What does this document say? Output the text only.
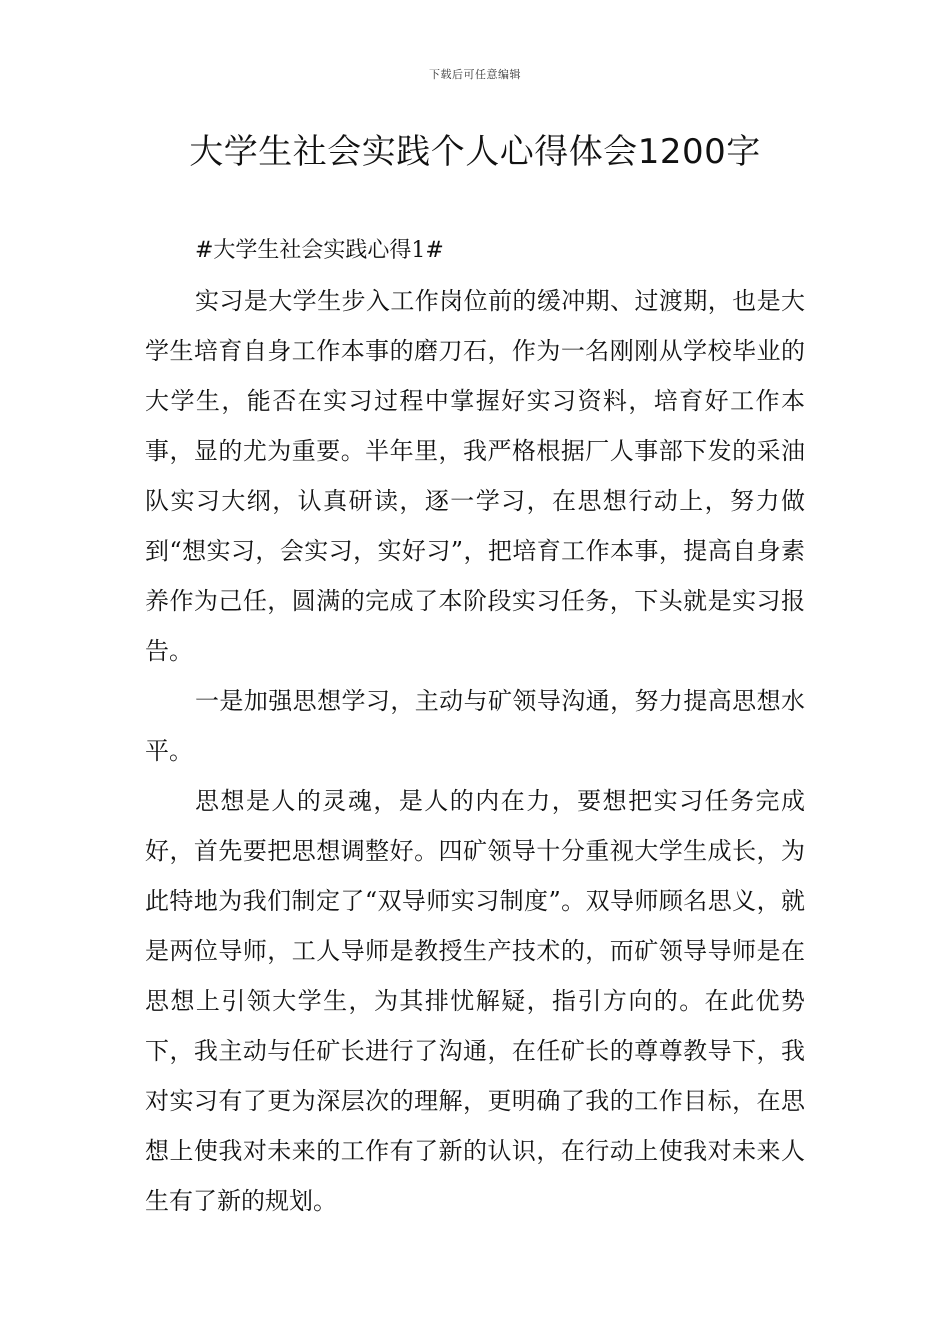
下载后可任意编辑
大学生社会实践个人心得体会1200字

#大学生社会实践心得1#

实习是大学生步入工作岗位前的缓冲期、过渡期，也是大学生培育自身工作本事的磨刀石，作为一名刚刚从学校毕业的大学生，能否在实习过程中掌握好实习资料，培育好工作本事，显的尤为重要。半年里，我严格根据厂人事部下发的采油队实习大纲，认真研读，逐一学习，在思想行动上，努力做到“想实习，会实习，实好习”，把培育工作本事，提高自身素养作为己任，圆满的完成了本阶段实习任务，下头就是实习报告。

一是加强思想学习，主动与矿领导沟通，努力提高思想水平。

思想是人的灵魂，是人的内在力，要想把实习任务完成好，首先要把思想调整好。四矿领导十分重视大学生成长，为此特地为我们制定了“双导师实习制度”。双导师顾名思义，就是两位导师，工人导师是教授生产技术的，而矿领导导师是在思想上引领大学生，为其排忧解疑，指引方向的。在此优势下，我主动与任矿长进行了沟通，在任矿长的尊尊教导下，我对实习有了更为深层次的理解，更明确了我的工作目标，在思想上使我对未来的工作有了新的认识，在行动上使我对未来人生有了新的规划。
